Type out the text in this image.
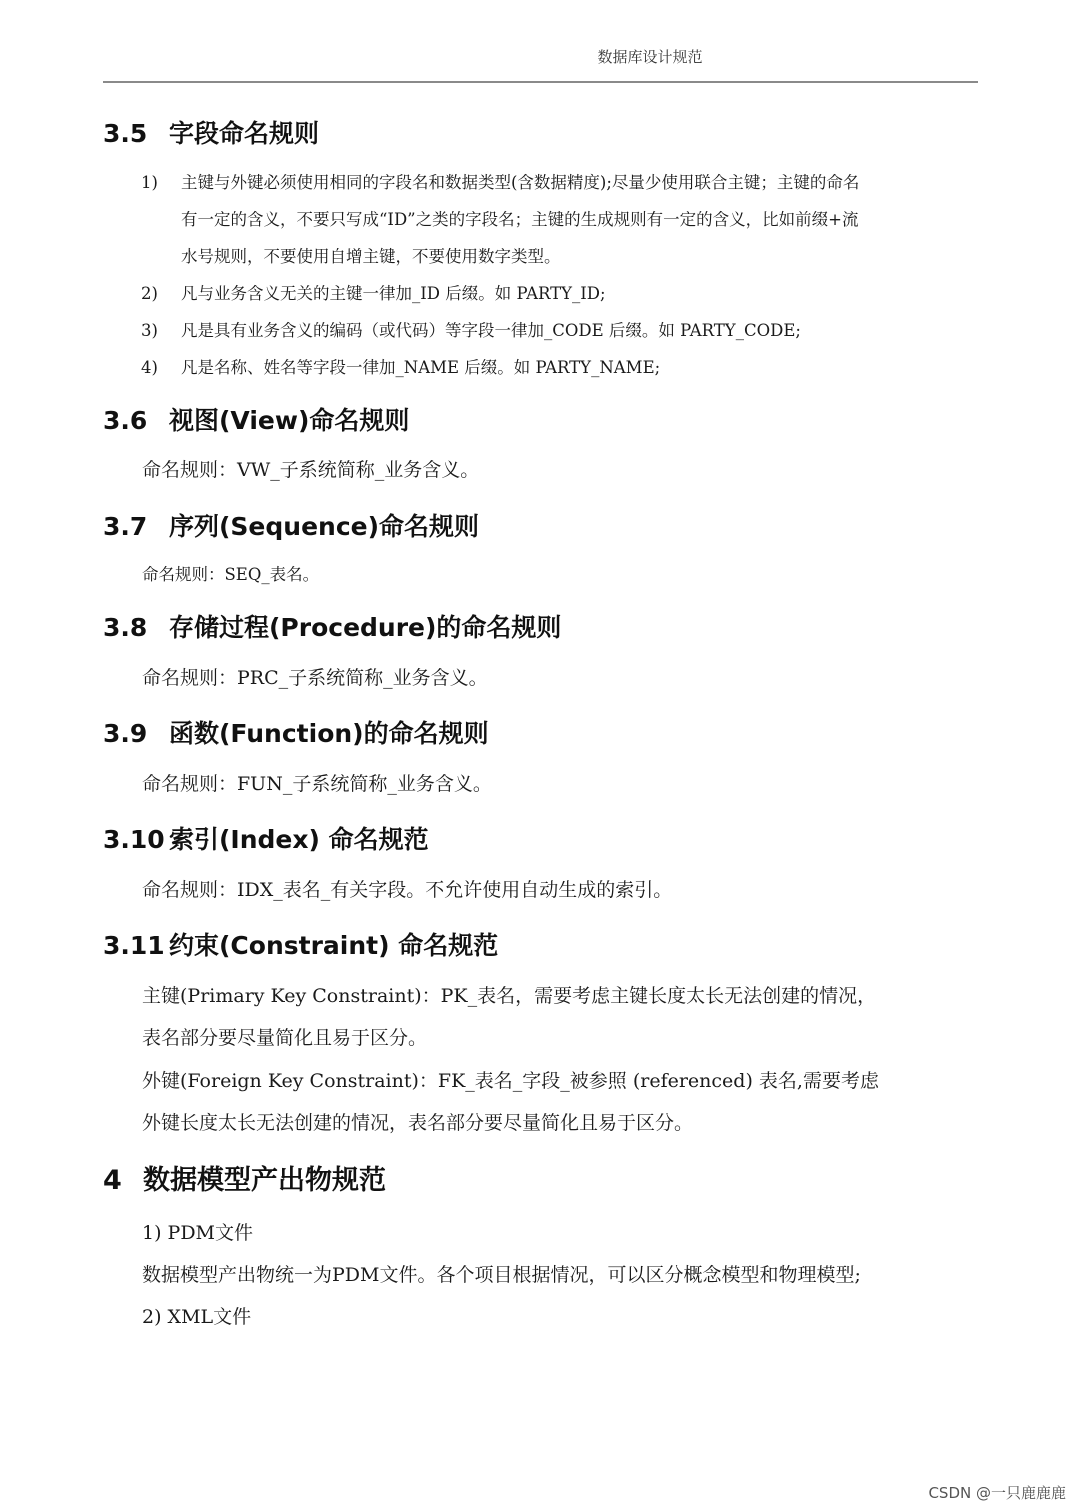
数据库设计规范
3.5 字段命名规则
1) 主键与外键必须使用相同的字段名和数据类型(含数据精度);尽量少使用联合主键；主键的命名
有一定的含义，不要只写成“ID”之类的字段名；主键的生成规则有一定的含义，比如前缀+流
水号规则，不要使用自增主键，不要使用数字类型。
2) 凡与业务含义无关的主键一律加_ID 后缀。如 PARTY_ID;
3) 凡是具有业务含义的编码（或代码）等字段一律加_CODE 后缀。如 PARTY_CODE;
4) 凡是名称、姓名等字段一律加_NAME 后缀。如 PARTY_NAME;
3.6 视图(View)命名规则
命名规则：VW_子系统简称_业务含义。
3.7 序列(Sequence)命名规则
命名规则：SEQ_表名。
3.8 存储过程(Procedure)的命名规则
命名规则：PRC_子系统简称_业务含义。
3.9 函数(Function)的命名规则
命名规则：FUN_子系统简称_业务含义。
3.10 索引(Index) 命名规范
命名规则：IDX_表名_有关字段。不允许使用自动生成的索引。
3.11 约束(Constraint) 命名规范
主键(Primary Key Constraint)：PK_表名，需要考虑主键长度太长无法创建的情况，
表名部分要尽量简化且易于区分。
外键(Foreign Key Constraint)：FK_表名_字段_被参照 (referenced) 表名,需要考虑
外键长度太长无法创建的情况，表名部分要尽量简化且易于区分。
4 数据模型产出物规范
1) PDM文件
数据模型产出物统一为PDM文件。各个项目根据情况，可以区分概念模型和物理模型;
2) XML文件
CSDN @一只鹿鹿鹿
